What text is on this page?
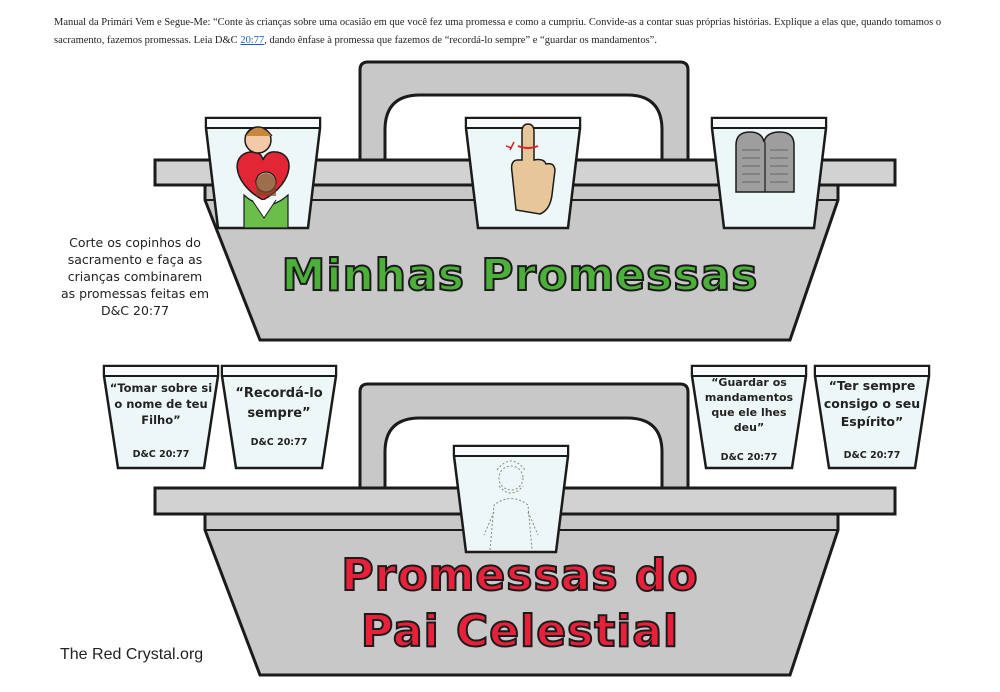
Manual da Primári Vem e Segue-Me: “Conte às crianças sobre uma ocasião em que você fez uma promessa e como a cumpriu. Convide-as a contar suas próprias histórias. Explique a elas que, quando tomamos o sacramento, fazemos promessas. Leia D&C 20:77, dando ênfase à promessa que fazemos de “recordá-lo sempre” e “guardar os mandamentos”.
Corte os copinhos do sacramento e faça as crianças combinarem as promessas feitas em D&C 20:77
Minhas Promessas
Promessas do
Pai Celestial
“Tomar sobre si
o nome de teu
Filho”
D&C 20:77
“Recordá-lo
sempre”
D&C 20:77
“Guardar os
mandamentos
que ele lhes
deu”
D&C 20:77
“Ter sempre
consigo o seu
Espírito”
D&C 20:77
The Red Crystal.org
